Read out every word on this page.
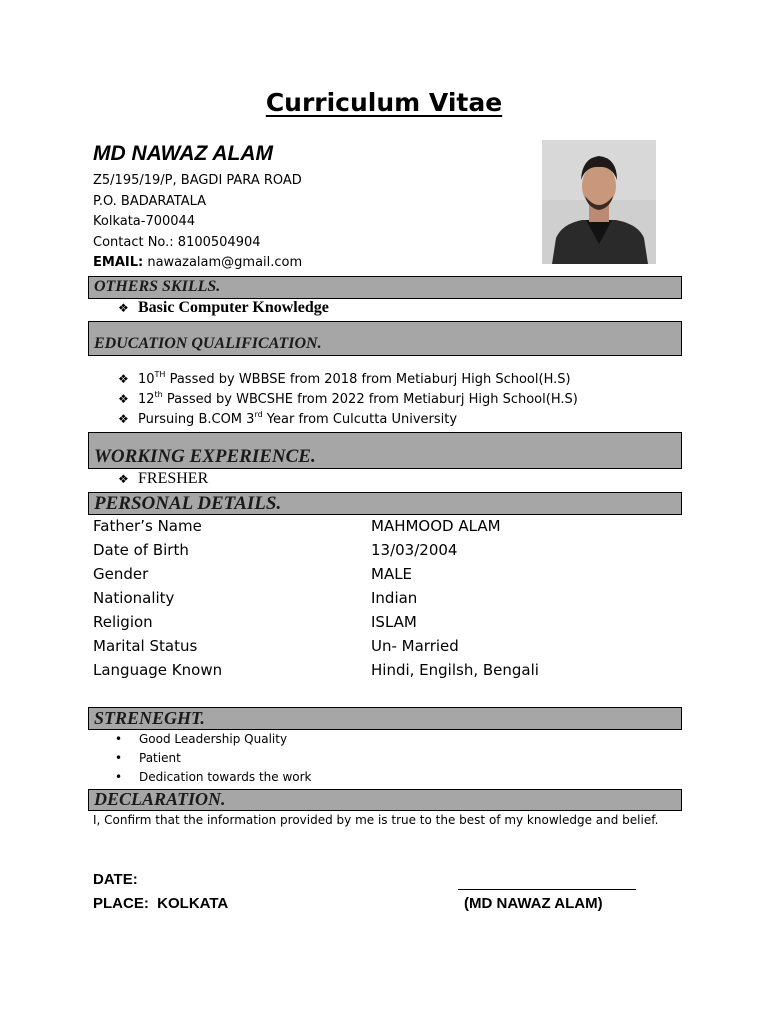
Curriculum Vitae
MD NAWAZ ALAM
Z5/195/19/P, BAGDI PARA ROAD
P.O. BADARATALA
Kolkata-700044
Contact No.: 8100504904
EMAIL: nawazalam@gmail.com
OTHERS SKILLS.
❖ Basic Computer Knowledge
EDUCATION QUALIFICATION.
❖ 10TH Passed by WBBSE from 2018 from Metiaburj High School(H.S)
❖ 12th Passed by WBCSHE from 2022 from Metiaburj High School(H.S)
❖ Pursuing B.COM 3rd Year from Culcutta University
WORKING EXPERIENCE.
❖ FRESHER
PERSONAL DETAILS.
Father’s Name	MAHMOOD ALAM
Date of Birth	13/03/2004
Gender	MALE
Nationality	Indian
Religion	ISLAM
Marital Status	Un- Married
Language Known	Hindi, Engilsh, Bengali
STRENEGHT.
• Good Leadership Quality
• Patient
• Dedication towards the work
DECLARATION.
I, Confirm that the information provided by me is true to the best of my knowledge and belief.
DATE:
PLACE:  KOLKATA	(MD NAWAZ ALAM)
